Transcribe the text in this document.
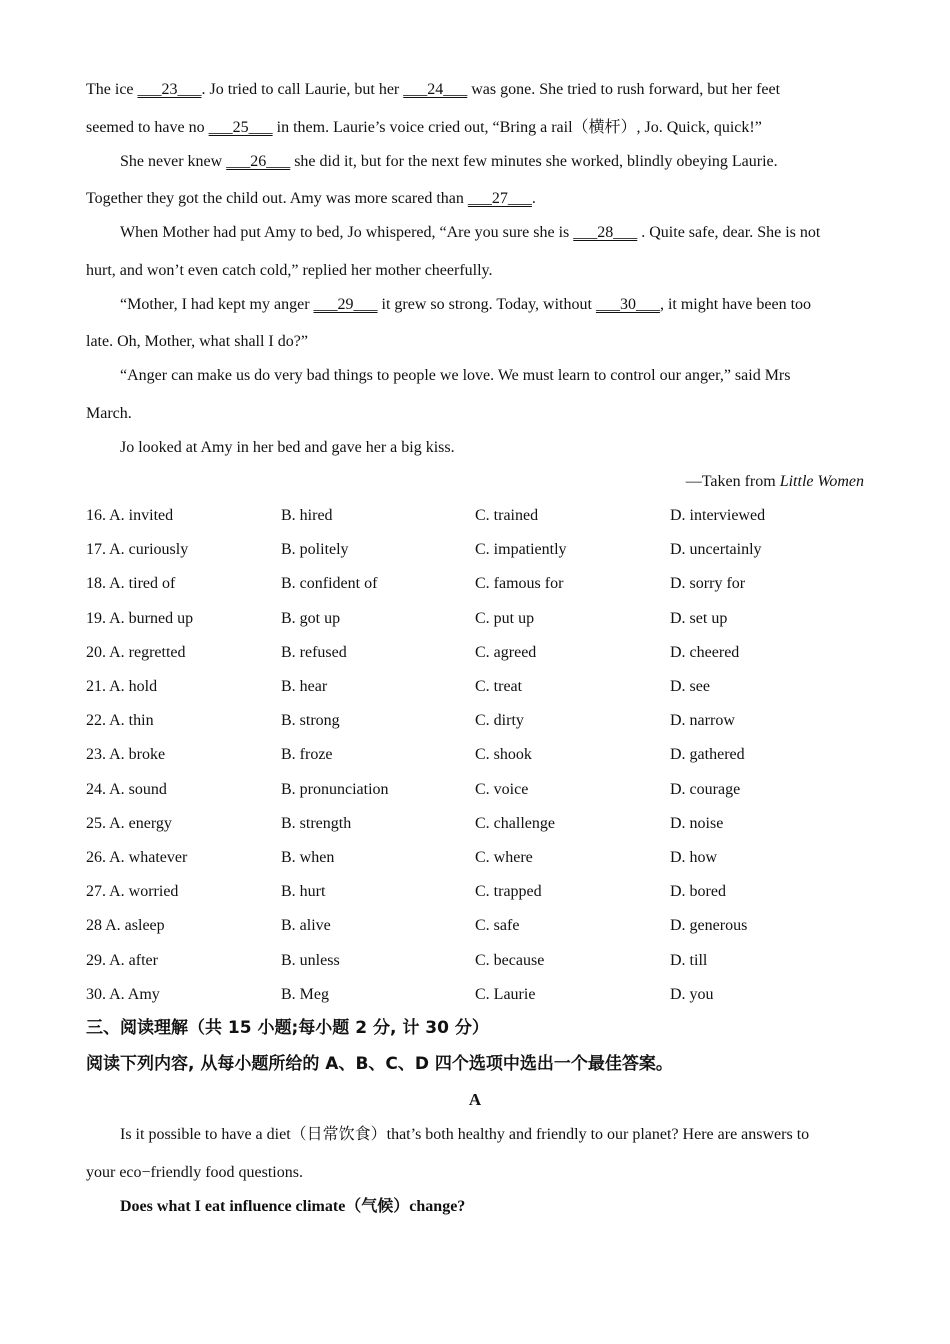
The ice ___23___. Jo tried to call Laurie, but her ___24___ was gone. She tried to rush forward, but her feet
seemed to have no ___25___ in them. Laurie’s voice cried out, “Bring a rail（横杆）, Jo. Quick, quick!”
She never knew ___26___ she did it, but for the next few minutes she worked, blindly obeying Laurie.
Together they got the child out. Amy was more scared than ___27___.
When Mother had put Amy to bed, Jo whispered, “Are you sure she is ___28___ . Quite safe, dear. She is not
hurt, and won’t even catch cold,” replied her mother cheerfully.
“Mother, I had kept my anger ___29___ it grew so strong. Today, without ___30___, it might have been too
late. Oh, Mother, what shall I do?”
“Anger can make us do very bad things to people we love. We must learn to control our anger,” said Mrs
March.
Jo looked at Amy in her bed and gave her a big kiss.
—Taken from Little Women
16. A. invited	B. hired	C. trained	D. interviewed
17. A. curiously	B. politely	C. impatiently	D. uncertainly
18. A. tired of	B. confident of	C. famous for	D. sorry for
19. A. burned up	B. got up	C. put up	D. set up
20. A. regretted	B. refused	C. agreed	D. cheered
21. A. hold	B. hear	C. treat	D. see
22. A. thin	B. strong	C. dirty	D. narrow
23. A. broke	B. froze	C. shook	D. gathered
24. A. sound	B. pronunciation	C. voice	D. courage
25. A. energy	B. strength	C. challenge	D. noise
26. A. whatever	B. when	C. where	D. how
27. A. worried	B. hurt	C. trapped	D. bored
28 A. asleep	B. alive	C. safe	D. generous
29. A. after	B. unless	C. because	D. till
30. A. Amy	B. Meg	C. Laurie	D. you
三、阅读理解（共 15 小题;每小题 2 分, 计 30 分）
阅读下列内容, 从每小题所给的 A、B、C、D 四个选项中选出一个最佳答案。
A
Is it possible to have a diet（日常饮食）that’s both healthy and friendly to our planet? Here are answers to
your eco−friendly food questions.
Does what I eat influence climate（气候）change?
